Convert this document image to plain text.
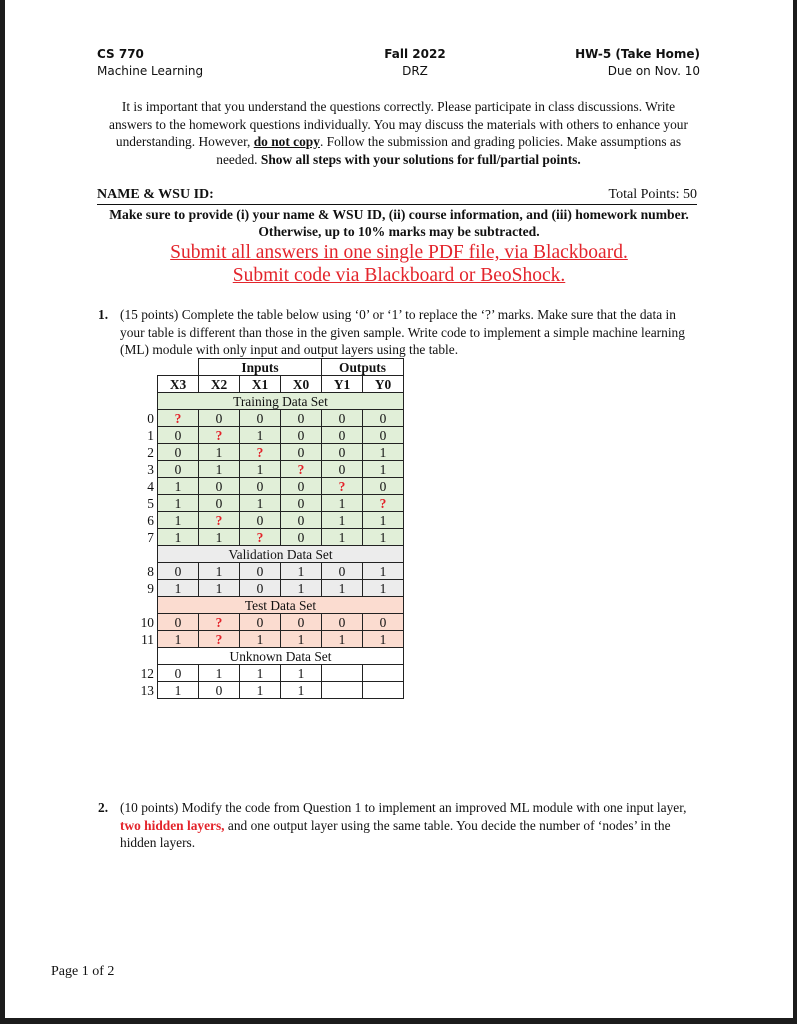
CS 770
Machine Learning
Fall 2022
DRZ
HW-5 (Take Home)
Due on Nov. 10
It is important that you understand the questions correctly. Please participate in class discussions. Write answers to the homework questions individually. You may discuss the materials with others to enhance your understanding. However, do not copy. Follow the submission and grading policies. Make assumptions as needed. Show all steps with your solutions for full/partial points.
NAME & WSU ID:	Total Points: 50
Make sure to provide (i) your name & WSU ID, (ii) course information, and (iii) homework number. Otherwise, up to 10% marks may be subtracted.
Submit all answers in one single PDF file, via Blackboard.
Submit code via Blackboard or BeoShock.
1. (15 points) Complete the table below using ‘0’ or ‘1’ to replace the ‘?’ marks. Make sure that the data in your table is different than those in the given sample. Write code to implement a simple machine learning (ML) module with only input and output layers using the table.
		Inputs			Outputs	
	X3	X2	X1	X0	Y1	Y0
	Training Data Set					
0	?	0	0	0	0	0
1	0	?	1	0	0	0
2	0	1	?	0	0	1
3	0	1	1	?	0	1
4	1	0	0	0	?	0
5	1	0	1	0	1	?
6	1	?	0	0	1	1
7	1	1	?	0	1	1
	Validation Data Set					
8	0	1	0	1	0	1
9	1	1	0	1	1	1
	Test Data Set					
10	0	?	0	0	0	0
11	1	?	1	1	1	1
	Unknown Data Set					
12	0	1	1	1		
13	1	0	1	1		
2. (10 points) Modify the code from Question 1 to implement an improved ML module with one input layer, two hidden layers, and one output layer using the same table. You decide the number of ‘nodes’ in the hidden layers.
Page 1 of 2
